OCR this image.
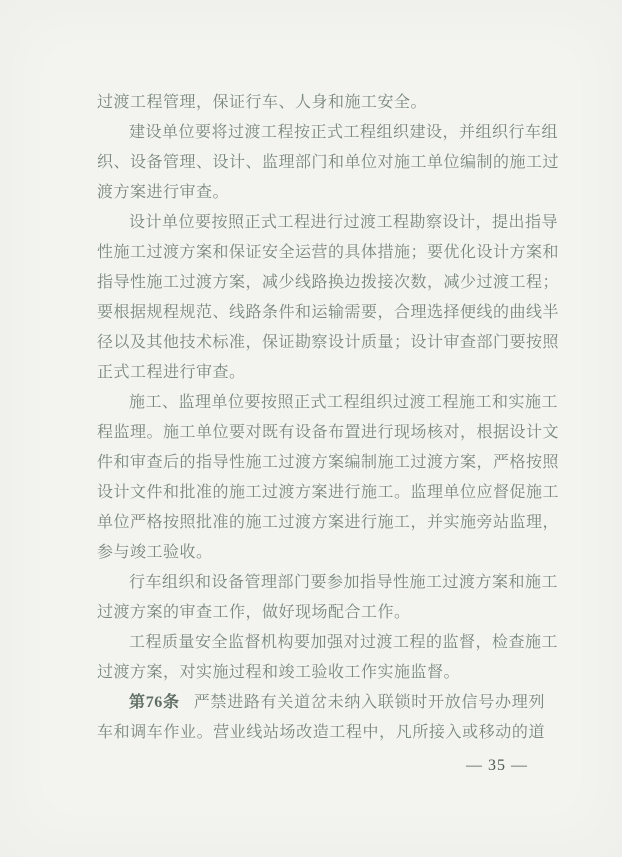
过渡工程管理，保证行车、人身和施工安全。
建设单位要将过渡工程按正式工程组织建设，并组织行车组
织、设备管理、设计、监理部门和单位对施工单位编制的施工过
渡方案进行审查。
设计单位要按照正式工程进行过渡工程勘察设计，提出指导
性施工过渡方案和保证安全运营的具体措施；要优化设计方案和
指导性施工过渡方案，减少线路换边拨接次数，减少过渡工程；
要根据规程规范、线路条件和运输需要，合理选择便线的曲线半
径以及其他技术标准，保证勘察设计质量；设计审查部门要按照
正式工程进行审查。
施工、监理单位要按照正式工程组织过渡工程施工和实施工
程监理。施工单位要对既有设备布置进行现场核对，根据设计文
件和审查后的指导性施工过渡方案编制施工过渡方案，严格按照
设计文件和批准的施工过渡方案进行施工。监理单位应督促施工
单位严格按照批准的施工过渡方案进行施工，并实施旁站监理，
参与竣工验收。
行车组织和设备管理部门要参加指导性施工过渡方案和施工
过渡方案的审查工作，做好现场配合工作。
工程质量安全监督机构要加强对过渡工程的监督，检查施工
过渡方案，对实施过程和竣工验收工作实施监督。
第76条 严禁进路有关道岔未纳入联锁时开放信号办理列
车和调车作业。营业线站场改造工程中，凡所接入或移动的道
— 35 —
